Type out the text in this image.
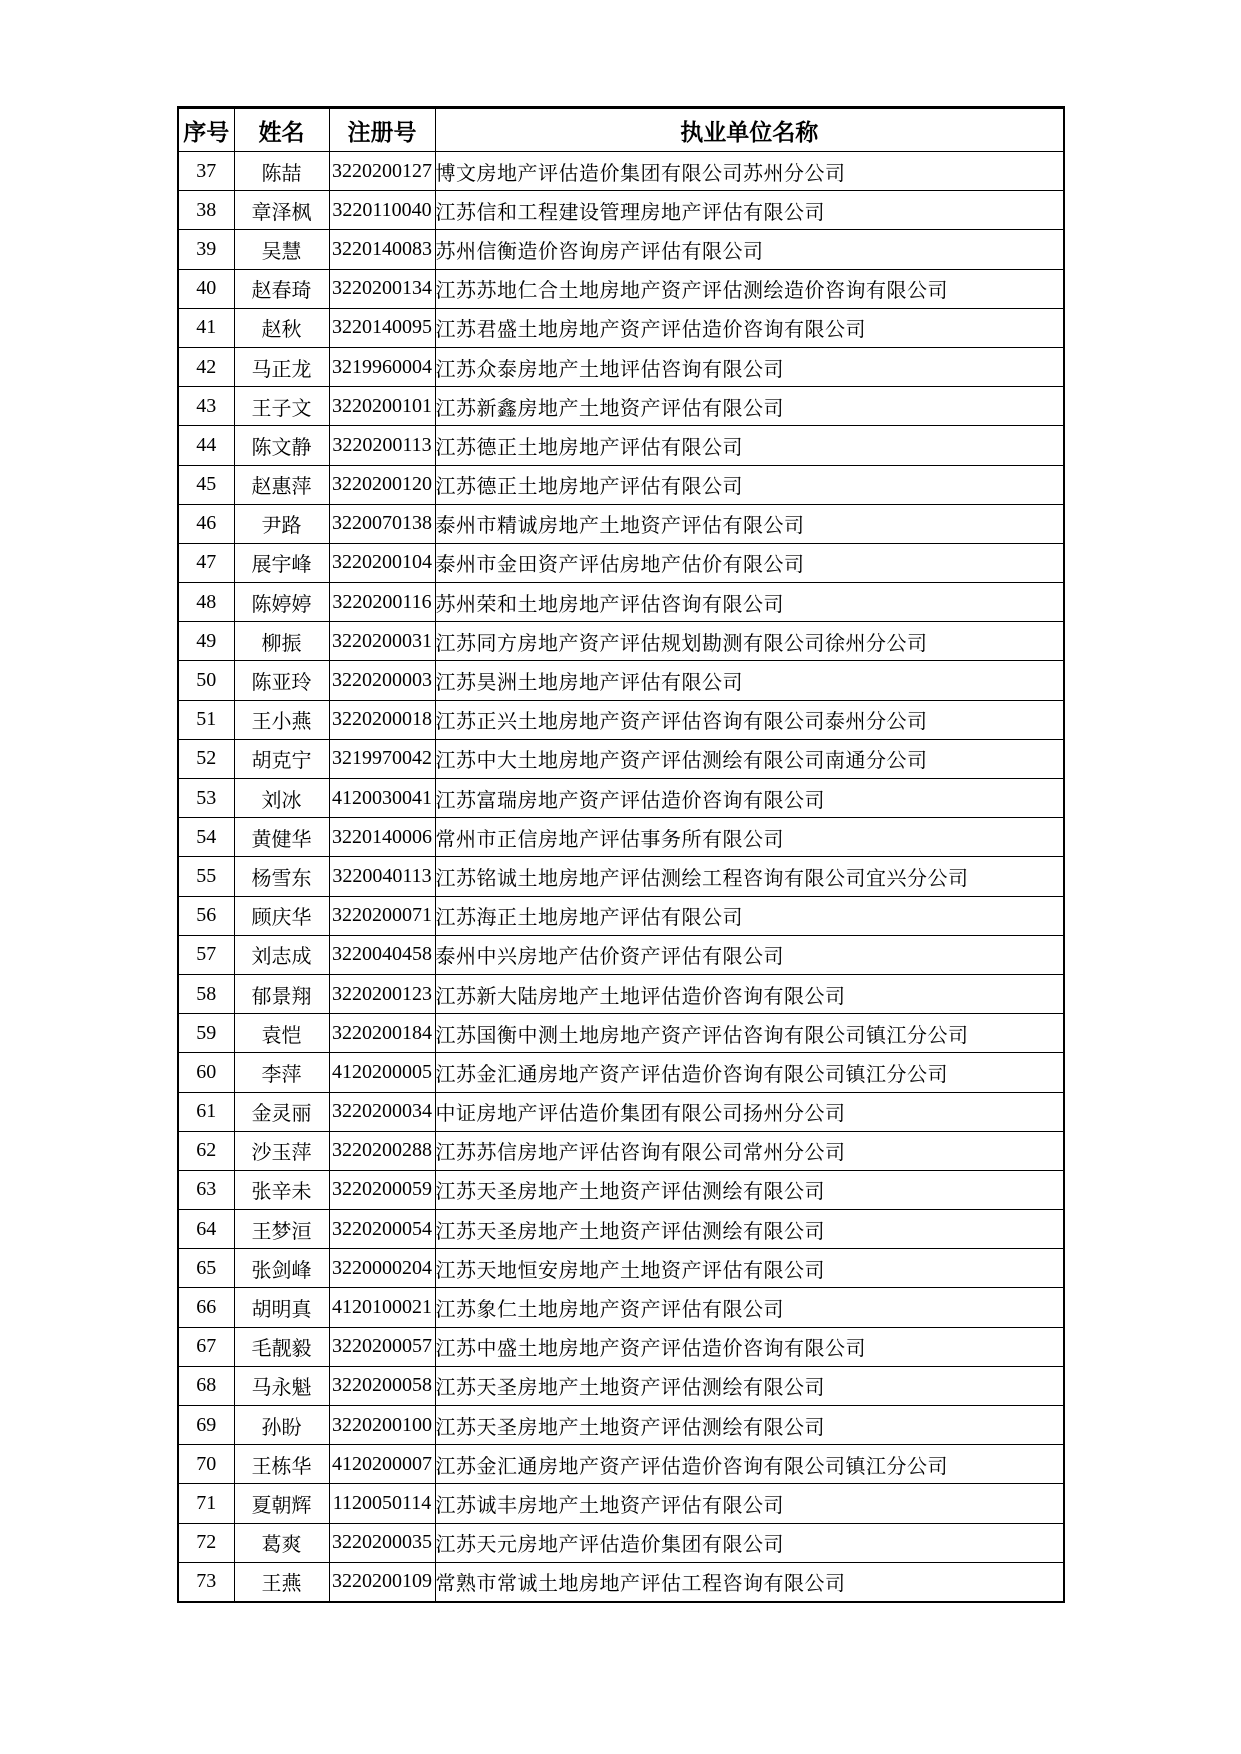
序号	姓名	注册号	执业单位名称
37	陈喆	3220200127	博文房地产评估造价集团有限公司苏州分公司
38	章泽枫	3220110040	江苏信和工程建设管理房地产评估有限公司
39	吴慧	3220140083	苏州信衡造价咨询房产评估有限公司
40	赵春琦	3220200134	江苏苏地仁合土地房地产资产评估测绘造价咨询有限公司
41	赵秋	3220140095	江苏君盛土地房地产资产评估造价咨询有限公司
42	马正龙	3219960004	江苏众泰房地产土地评估咨询有限公司
43	王子文	3220200101	江苏新鑫房地产土地资产评估有限公司
44	陈文静	3220200113	江苏德正土地房地产评估有限公司
45	赵惠萍	3220200120	江苏德正土地房地产评估有限公司
46	尹路	3220070138	泰州市精诚房地产土地资产评估有限公司
47	展宇峰	3220200104	泰州市金田资产评估房地产估价有限公司
48	陈婷婷	3220200116	苏州荣和土地房地产评估咨询有限公司
49	柳振	3220200031	江苏同方房地产资产评估规划勘测有限公司徐州分公司
50	陈亚玲	3220200003	江苏昊洲土地房地产评估有限公司
51	王小燕	3220200018	江苏正兴土地房地产资产评估咨询有限公司泰州分公司
52	胡克宁	3219970042	江苏中大土地房地产资产评估测绘有限公司南通分公司
53	刘冰	4120030041	江苏富瑞房地产资产评估造价咨询有限公司
54	黄健华	3220140006	常州市正信房地产评估事务所有限公司
55	杨雪东	3220040113	江苏铭诚土地房地产评估测绘工程咨询有限公司宜兴分公司
56	顾庆华	3220200071	江苏海正土地房地产评估有限公司
57	刘志成	3220040458	泰州中兴房地产估价资产评估有限公司
58	郁景翔	3220200123	江苏新大陆房地产土地评估造价咨询有限公司
59	袁恺	3220200184	江苏国衡中测土地房地产资产评估咨询有限公司镇江分公司
60	李萍	4120200005	江苏金汇通房地产资产评估造价咨询有限公司镇江分公司
61	金灵丽	3220200034	中证房地产评估造价集团有限公司扬州分公司
62	沙玉萍	3220200288	江苏苏信房地产评估咨询有限公司常州分公司
63	张辛未	3220200059	江苏天圣房地产土地资产评估测绘有限公司
64	王梦洹	3220200054	江苏天圣房地产土地资产评估测绘有限公司
65	张剑峰	3220000204	江苏天地恒安房地产土地资产评估有限公司
66	胡明真	4120100021	江苏象仁土地房地产资产评估有限公司
67	毛靓毅	3220200057	江苏中盛土地房地产资产评估造价咨询有限公司
68	马永魁	3220200058	江苏天圣房地产土地资产评估测绘有限公司
69	孙盼	3220200100	江苏天圣房地产土地资产评估测绘有限公司
70	王栋华	4120200007	江苏金汇通房地产资产评估造价咨询有限公司镇江分公司
71	夏朝辉	1120050114	江苏诚丰房地产土地资产评估有限公司
72	葛爽	3220200035	江苏天元房地产评估造价集团有限公司
73	王燕	3220200109	常熟市常诚土地房地产评估工程咨询有限公司
